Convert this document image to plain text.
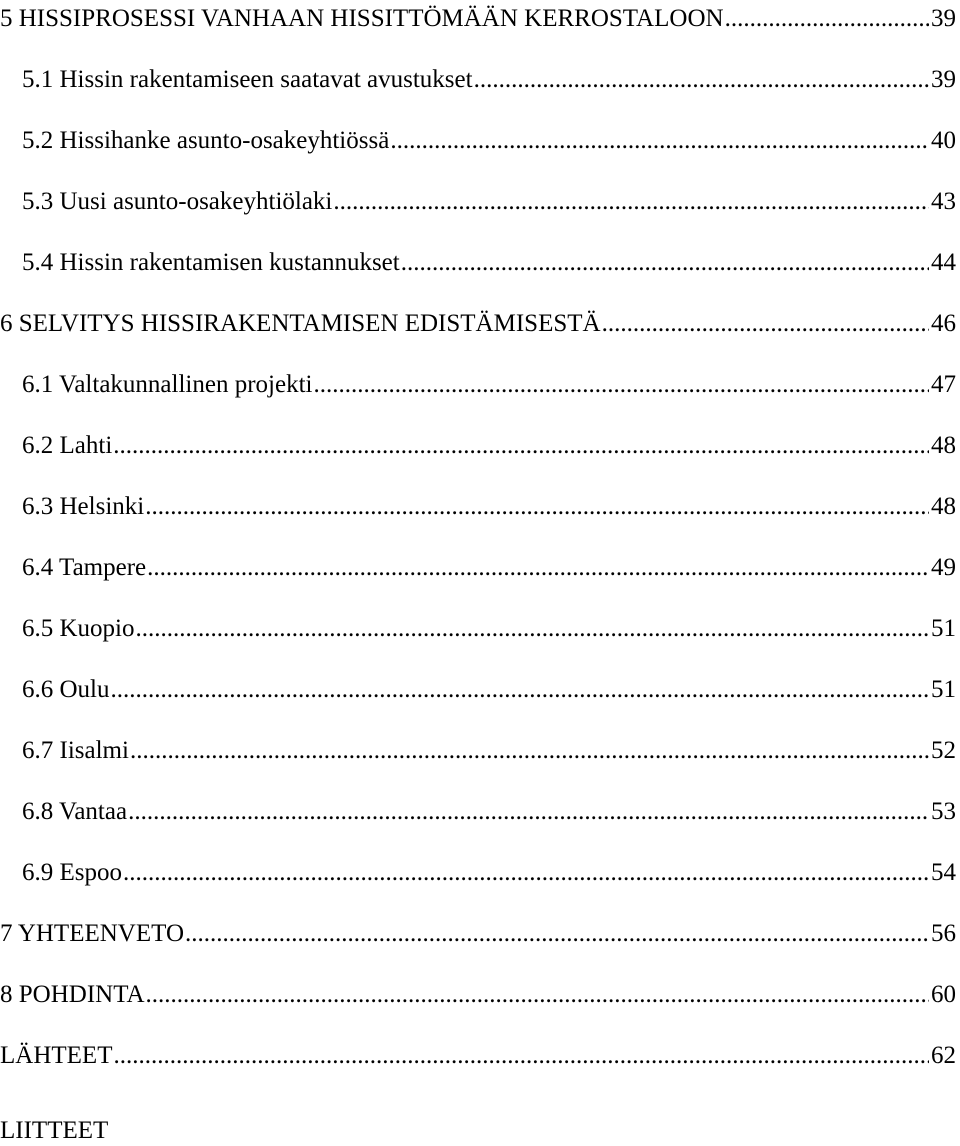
5 HISSIPROSESSI VANHAAN HISSITTÖMÄÄN KERROSTALOON .....	39
5.1 Hissin rakentamiseen saatavat avustukset .....	39
5.2 Hissihanke asunto-osakeyhtiössä .....	40
5.3 Uusi asunto-osakeyhtiölaki .....	43
5.4 Hissin rakentamisen kustannukset .....	44
6 SELVITYS HISSIRAKENTAMISEN EDISTÄMISESTÄ .....	46
6.1 Valtakunnallinen projekti .....	47
6.2 Lahti .....	48
6.3 Helsinki .....	48
6.4 Tampere .....	49
6.5 Kuopio .....	51
6.6 Oulu .....	51
6.7 Iisalmi .....	52
6.8 Vantaa .....	53
6.9 Espoo .....	54
7 YHTEENVETO .....	56
8 POHDINTA .....	60
LÄHTEET .....	62
LIITTEET
